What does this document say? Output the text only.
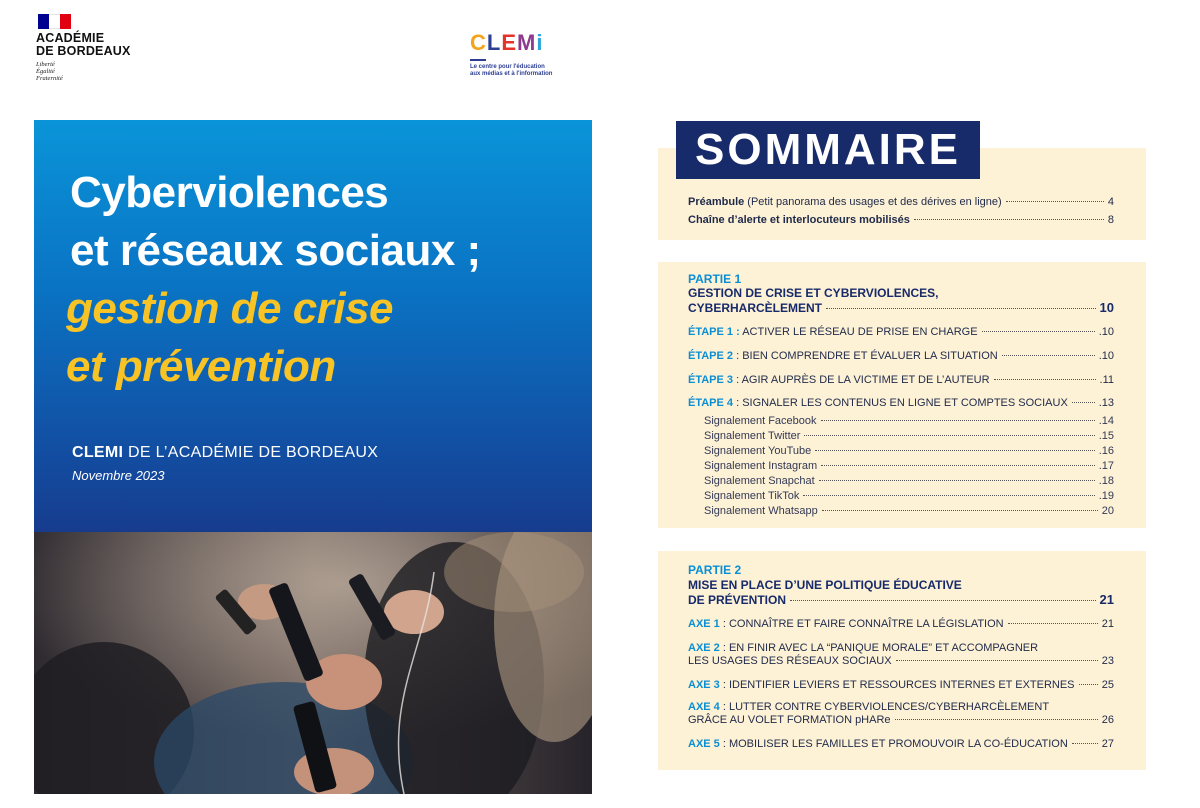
ACADÉMIE
DE BORDEAUX
Liberté
Égalité
Fraternité
CLEMi
Le centre pour l'éducation
aux médias et à l'information
Cyberviolences
et réseaux sociaux ;
gestion de crise
et prévention
CLEMI DE L’ACADÉMIE DE BORDEAUX
Novembre 2023
Préambule (Petit panorama des usages et des dérives en ligne)	4
Chaîne d’alerte et interlocuteurs mobilisés	8
SOMMAIRE
PARTIE 1
GESTION DE CRISE ET CYBERVIOLENCES,
CYBERHARCÈLEMENT	10
ÉTAPE 1 : ACTIVER LE RÉSEAU DE PRISE EN CHARGE	.10
ÉTAPE 2 : BIEN COMPRENDRE ET ÉVALUER LA SITUATION	.10
ÉTAPE 3 : AGIR AUPRÈS DE LA VICTIME ET DE L’AUTEUR	.11
ÉTAPE 4 : SIGNALER LES CONTENUS EN LIGNE ET COMPTES SOCIAUX	.13
Signalement Facebook	.14
Signalement Twitter	.15
Signalement YouTube	.16
Signalement Instagram	.17
Signalement Snapchat	.18
Signalement TikTok	.19
Signalement Whatsapp	20
PARTIE 2
MISE EN PLACE D’UNE POLITIQUE ÉDUCATIVE
DE PRÉVENTION	21
AXE 1 : CONNAÎTRE ET FAIRE CONNAÎTRE LA LÉGISLATION	21
AXE 2 : EN FINIR AVEC LA “PANIQUE MORALE” ET ACCOMPAGNER
LES USAGES DES RÉSEAUX SOCIAUX	23
AXE 3 : IDENTIFIER LEVIERS ET RESSOURCES INTERNES ET EXTERNES 25
AXE 4 : LUTTER CONTRE CYBERVIOLENCES/CYBERHARCÈLEMENT
GRÂCE AU VOLET FORMATION pHARe	26
AXE 5 : MOBILISER LES FAMILLES ET PROMOUVOIR LA CO-ÉDUCATION	27
